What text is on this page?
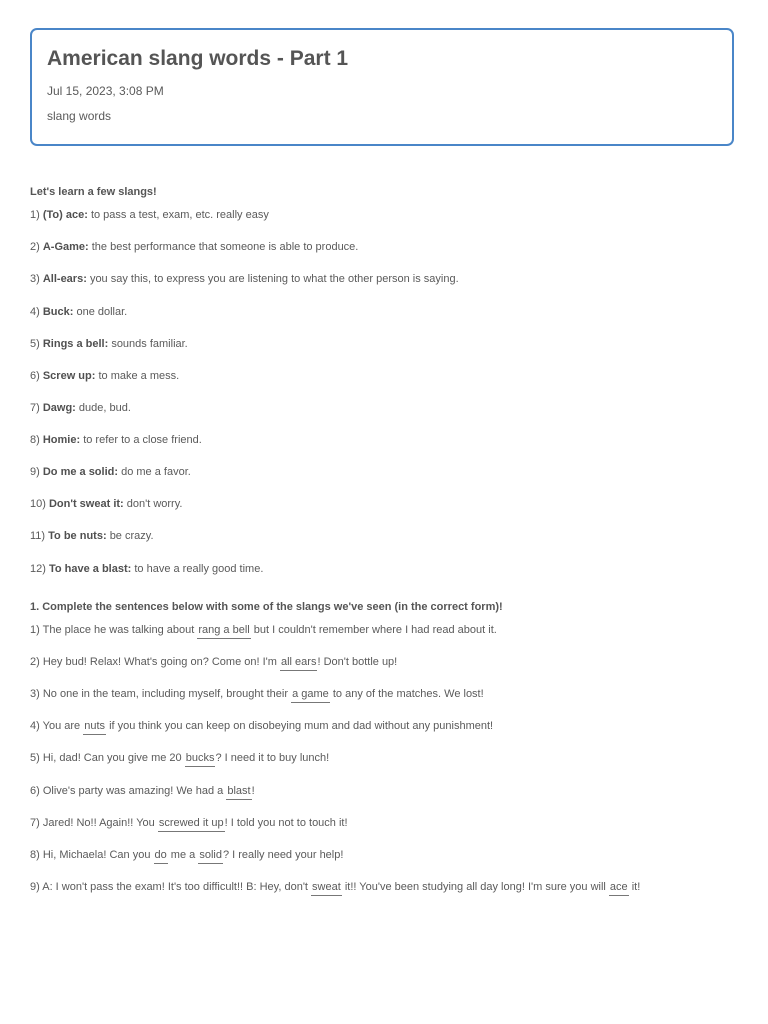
American slang words - Part 1
Jul 15, 2023, 3:08 PM
slang words
Let's learn a few slangs!
1) (To) ace: to pass a test, exam, etc. really easy
2) A-Game: the best performance that someone is able to produce.
3) All-ears: you say this, to express you are listening to what the other person is saying.
4) Buck: one dollar.
5) Rings a bell: sounds familiar.
6) Screw up: to make a mess.
7) Dawg: dude, bud.
8) Homie: to refer to a close friend.
9) Do me a solid: do me a favor.
10) Don't sweat it: don't worry.
11) To be nuts: be crazy.
12) To have a blast: to have a really good time.
1. Complete the sentences below with some of the slangs we've seen (in the correct form)!
1) The place he was talking about rang a bell but I couldn't remember where I had read about it.
2) Hey bud! Relax! What's going on? Come on! I'm all ears! Don't bottle up!
3) No one in the team, including myself, brought their a game to any of the matches. We lost!
4) You are nuts if you think you can keep on disobeying mum and dad without any punishment!
5) Hi, dad! Can you give me 20 bucks? I need it to buy lunch!
6) Olive's party was amazing! We had a blast!
7) Jared! No!! Again!! You screwed it up! I told you not to touch it!
8) Hi, Michaela! Can you do me a solid? I really need your help!
9) A: I won't pass the exam! It's too difficult!! B: Hey, don't sweat it!! You've been studying all day long! I'm sure you will ace it!
